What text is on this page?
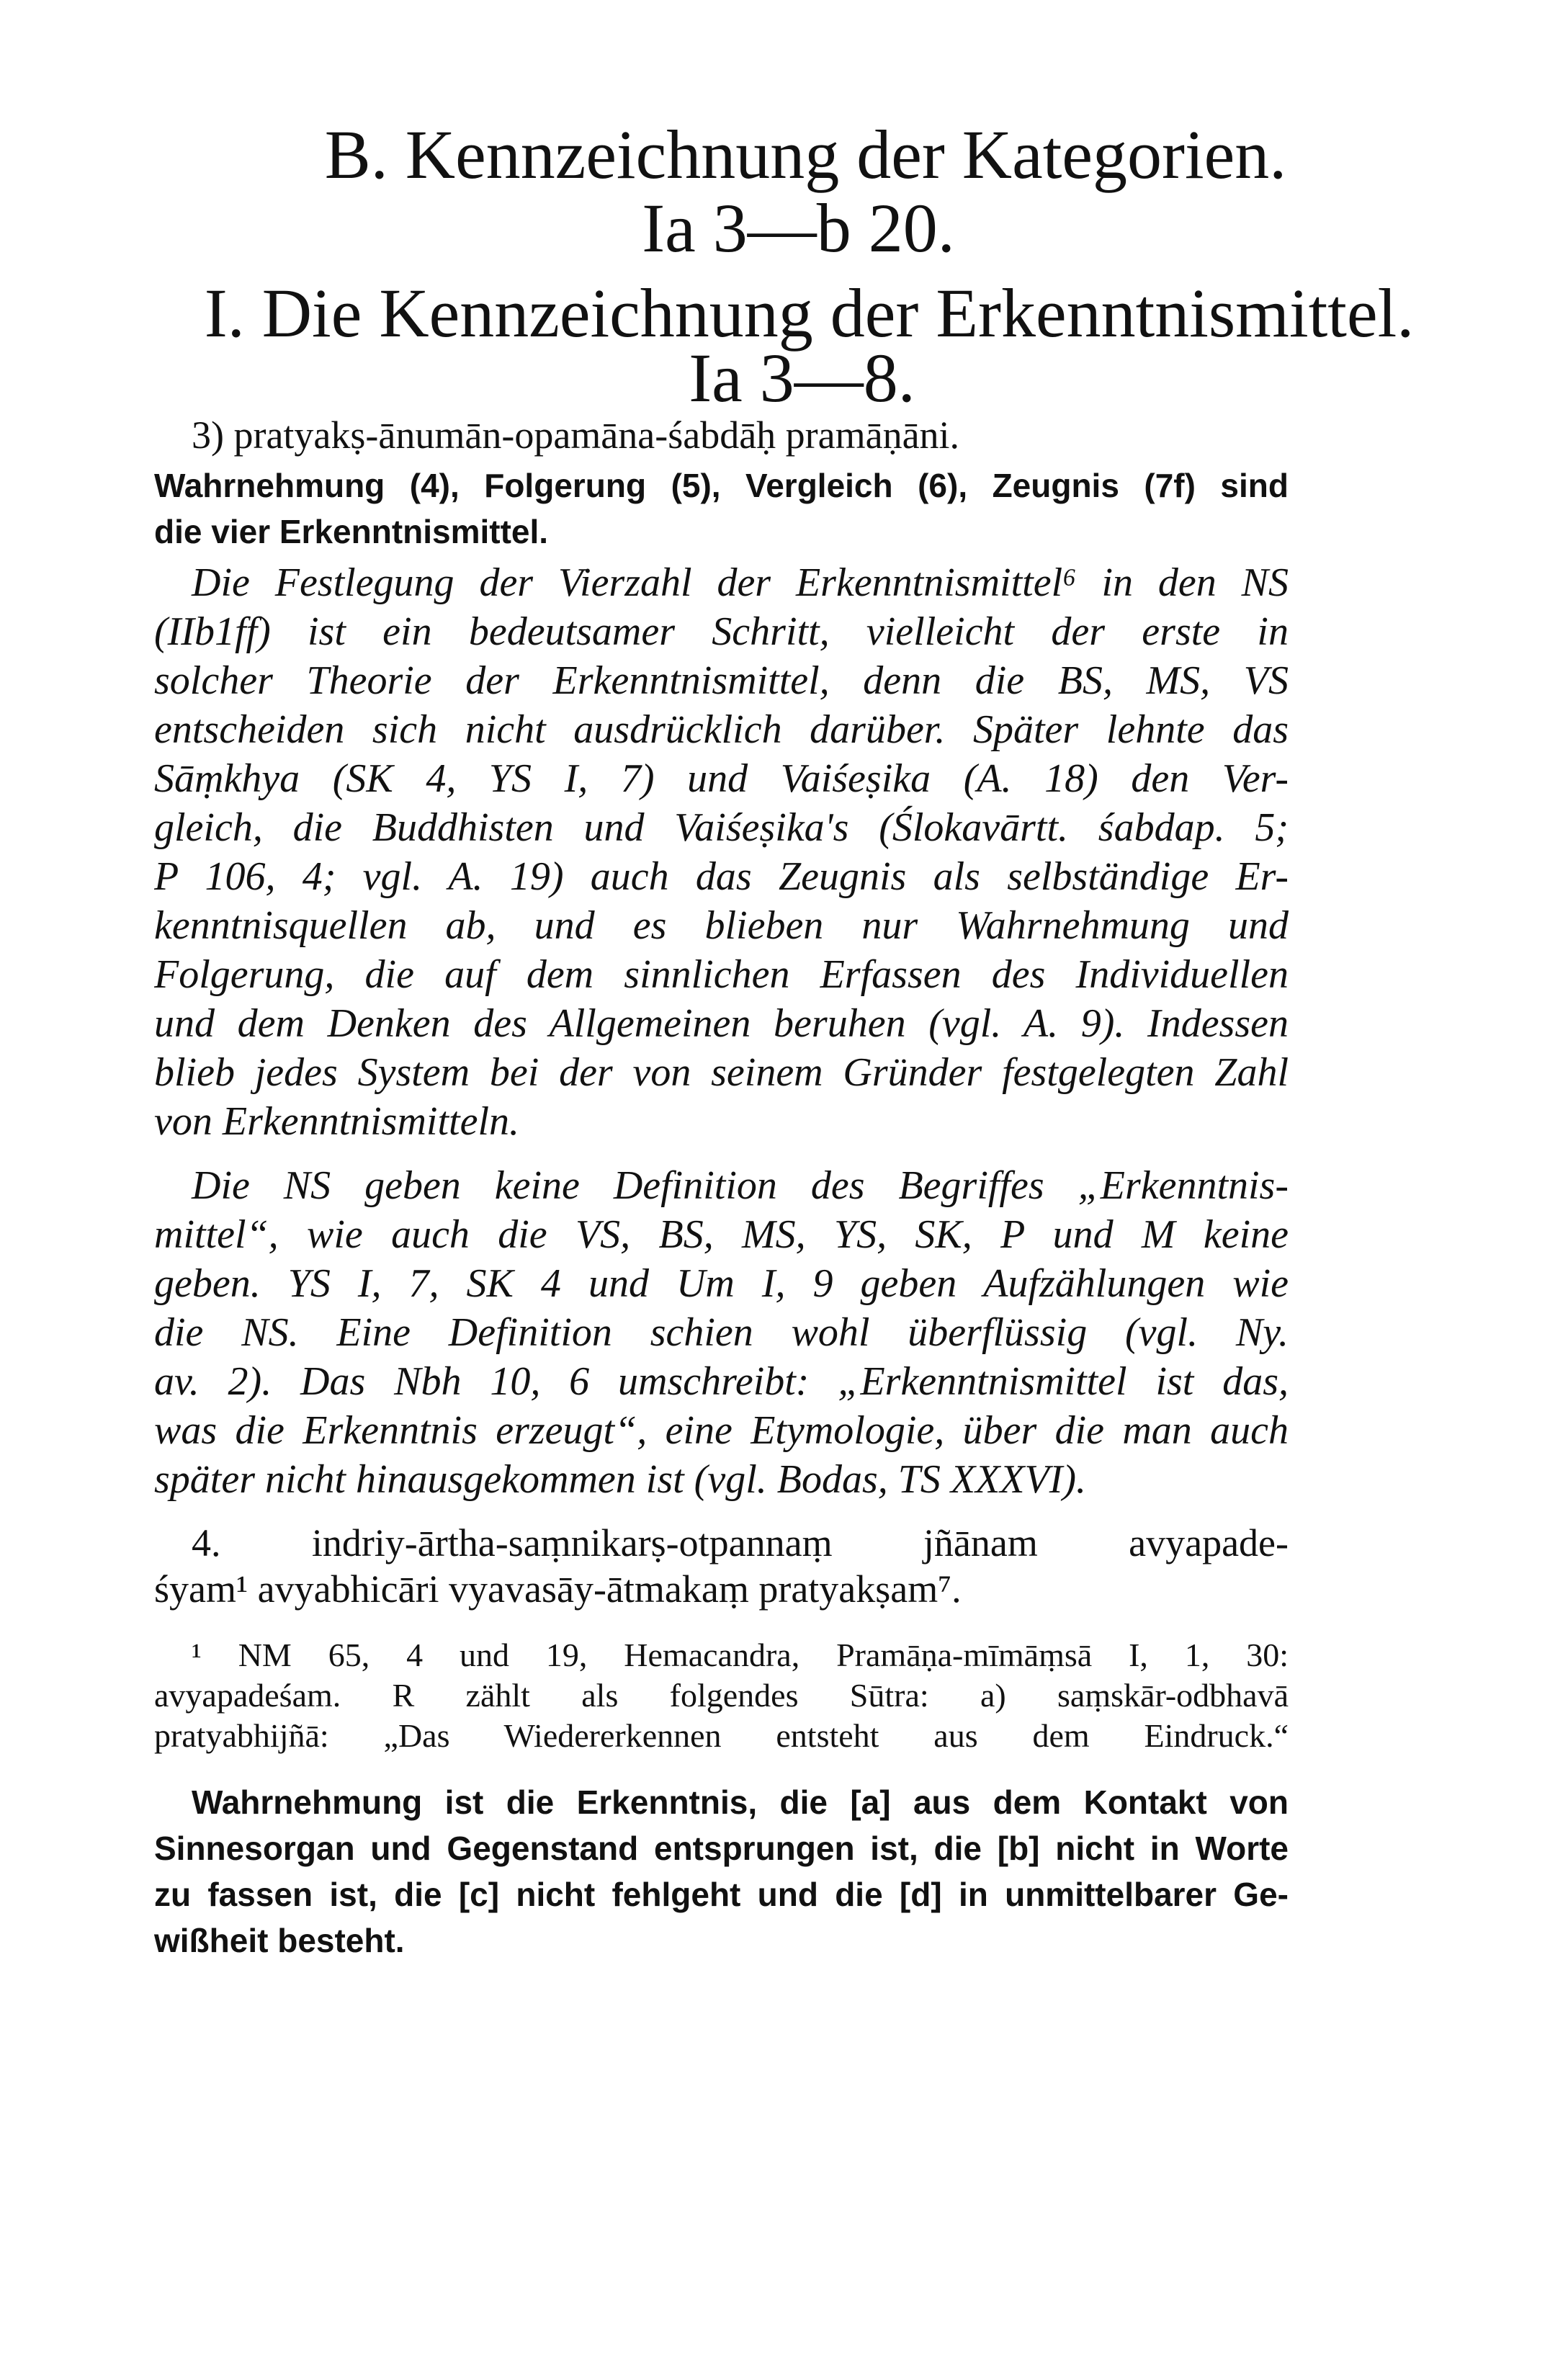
B. Kennzeichnung der Kategorien.
Ia 3—b 20.
I. Die Kennzeichnung der Erkenntnismittel.
Ia 3—8.
3) pratyakṣ-ānumān-opamāna-śabdāḥ pramāṇāni.
Wahrnehmung (4), Folgerung (5), Vergleich (6), Zeugnis (7f) sind
die vier Erkenntnismittel.
Die Festlegung der Vierzahl der Erkenntnismittel⁶ in den NS
(IIb1ff) ist ein bedeutsamer Schritt, vielleicht der erste in
solcher Theorie der Erkenntnismittel, denn die BS, MS, VS
entscheiden sich nicht ausdrücklich darüber. Später lehnte das
Sāṃkhya (SK 4, YS I, 7) und Vaiśeṣika (A. 18) den Ver-
gleich, die Buddhisten und Vaiśeṣika's (Ślokavārtt. śabdap. 5;
P 106, 4; vgl. A. 19) auch das Zeugnis als selbständige Er-
kenntnisquellen ab, und es blieben nur Wahrnehmung und
Folgerung, die auf dem sinnlichen Erfassen des Individuellen
und dem Denken des Allgemeinen beruhen (vgl. A. 9). Indessen
blieb jedes System bei der von seinem Gründer festgelegten Zahl
von Erkenntnismitteln.
Die NS geben keine Definition des Begriffes „Erkenntnis-
mittel“, wie auch die VS, BS, MS, YS, SK, P und M keine
geben. YS I, 7, SK 4 und Um I, 9 geben Aufzählungen wie
die NS. Eine Definition schien wohl überflüssig (vgl. Ny.
av. 2). Das Nbh 10, 6 umschreibt: „Erkenntnismittel ist das,
was die Erkenntnis erzeugt“, eine Etymologie, über die man auch
später nicht hinausgekommen ist (vgl. Bodas, TS XXXVI).
4. indriy-ārtha-saṃnikarṣ-otpannaṃ jñānam avyapade-
śyam¹ avyabhicāri vyavasāy-ātmakaṃ pratyakṣam⁷.
¹ NM 65, 4 und 19, Hemacandra, Pramāṇa-mīmāṃsā I, 1, 30:
avyapadeśam. R zählt als folgendes Sūtra: a) saṃskār-odbhavā
pratyabhijñā: „Das Wiedererkennen entsteht aus dem Eindruck.“
Wahrnehmung ist die Erkenntnis, die [a] aus dem Kontakt von
Sinnesorgan und Gegenstand entsprungen ist, die [b] nicht in Worte
zu fassen ist, die [c] nicht fehlgeht und die [d] in unmittelbarer Ge-
wißheit besteht.
